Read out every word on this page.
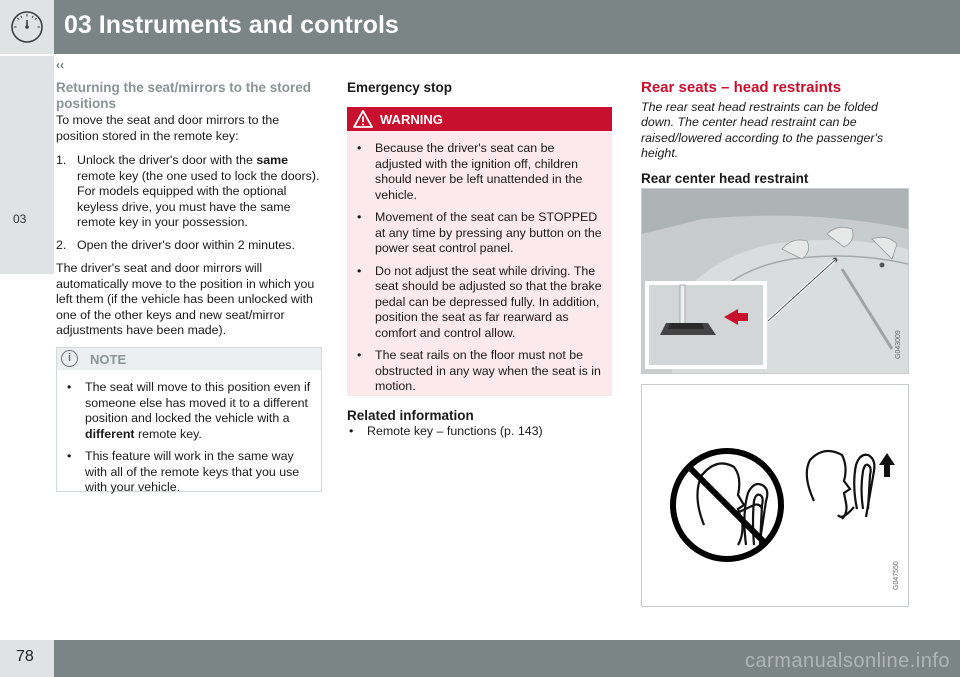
03 Instruments and controls
‹‹
03
Returning the seat/mirrors to the stored positions

To move the seat and door mirrors to the position stored in the remote key:

1. Unlock the driver's door with the same remote key (the one used to lock the doors). For models equipped with the optional keyless drive, you must have the same remote key in your possession.
2. Open the driver's door within 2 minutes.

The driver's seat and door mirrors will automatically move to the position in which you left them (if the vehicle has been unlocked with one of the other keys and new seat/mirror adjustments have been made).

i	NOTE
• The seat will move to this position even if someone else has moved it to a different position and locked the vehicle with a different remote key.
• This feature will work in the same way with all of the remote keys that you use with your vehicle.
Emergency stop
WARNING
• Because the driver's seat can be adjusted with the ignition off, children should never be left unattended in the vehicle.
• Movement of the seat can be STOPPED at any time by pressing any button on the power seat control panel.
• Do not adjust the seat while driving. The seat should be adjusted so that the brake pedal can be depressed fully. In addition, position the seat as far rearward as comfort and control allow.
• The seat rails on the floor must not be obstructed in any way when the seat is in motion.
Related information
• Remote key – functions (p. 143)
Rear seats – head restraints

The rear seat head restraints can be folded down. The center head restraint can be raised/lowered according to the passenger's height.

Rear center head restraint
G043009
G047550
78	carmanualsonline.info
